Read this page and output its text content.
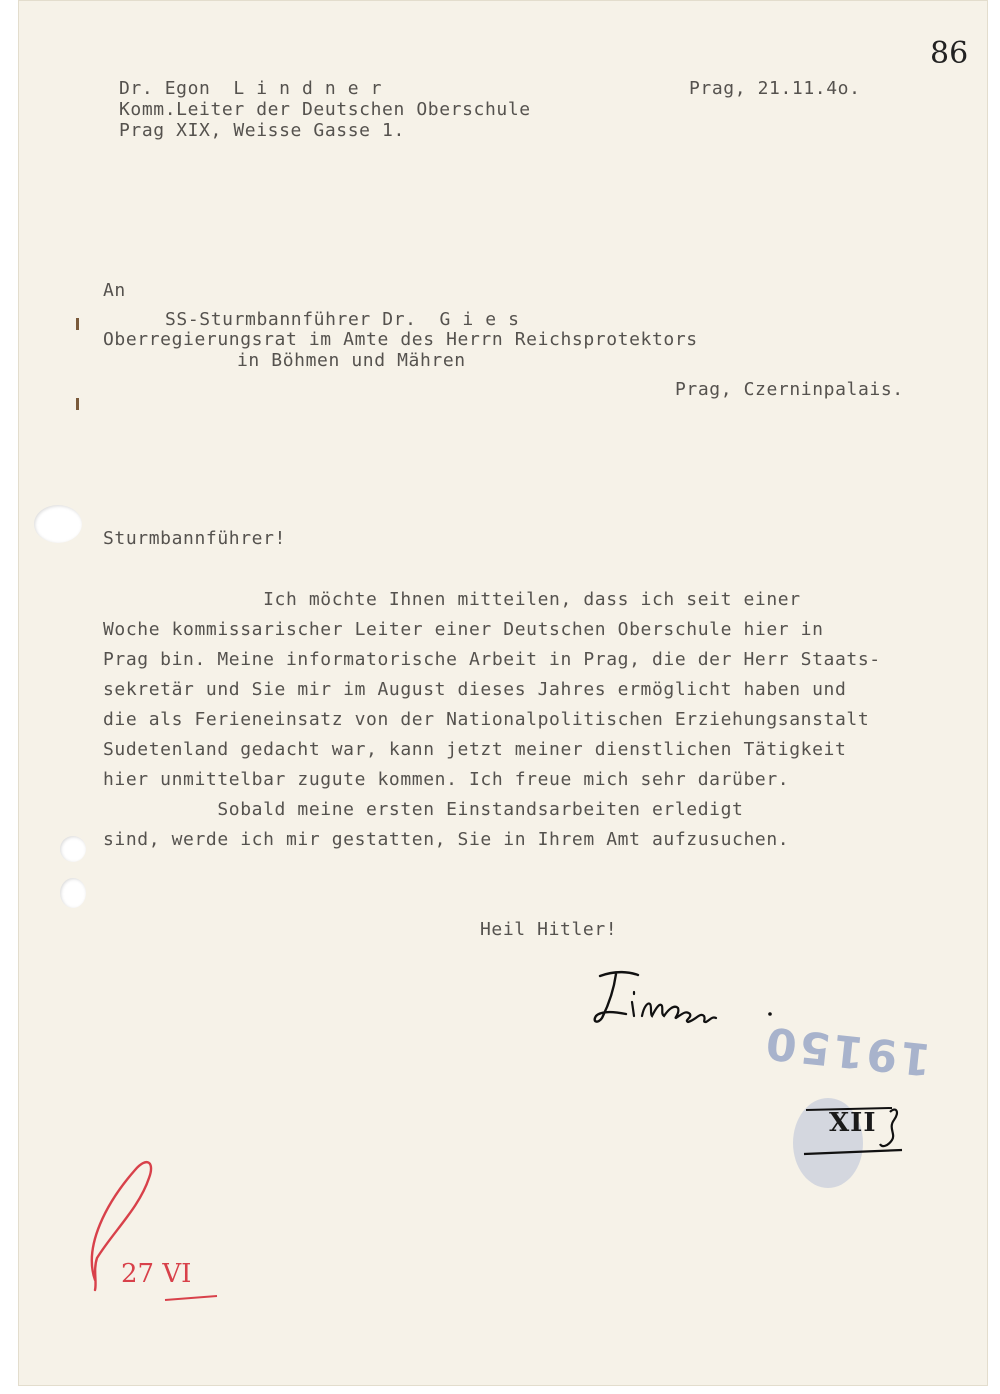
86
Dr. Egon  L i n d n e r
Komm.Leiter der Deutschen Oberschule
Prag XIX, Weisse Gasse 1.
Prag, 21.11.4o.
An
SS-Sturmbannführer Dr.  G i e s
Oberregierungsrat im Amte des Herrn Reichsprotektors
in Böhmen und Mähren
Prag, Czerninpalais.
Sturmbannführer!
Ich möchte Ihnen mitteilen, dass ich seit einer
Woche kommissarischer Leiter einer Deutschen Oberschule hier in
Prag bin. Meine informatorische Arbeit in Prag, die der Herr Staats-
sekretär und Sie mir im August dieses Jahres ermöglicht haben und
die als Ferieneinsatz von der Nationalpolitischen Erziehungsanstalt
Sudetenland gedacht war, kann jetzt meiner dienstlichen Tätigkeit
hier unmittelbar zugute kommen. Ich freue mich sehr darüber.
Sobald meine ersten Einstandsarbeiten erledigt
sind, werde ich mir gestatten, Sie in Ihrem Amt aufzusuchen.
Heil Hitler!
19150
XII
27 VI
